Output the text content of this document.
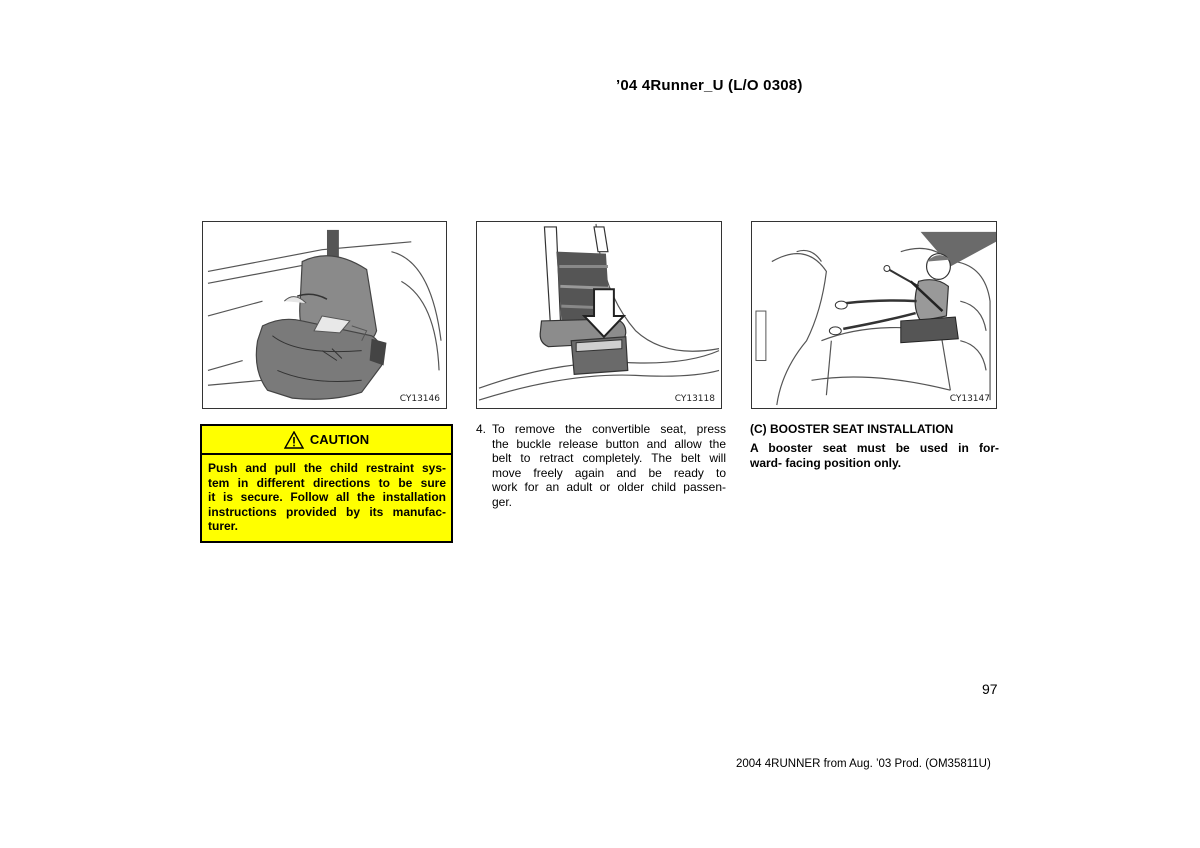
’04 4Runner_U (L/O 0308)
CY13146	CY13118	CY13147
CAUTION
Push and pull the child restraint sys-
tem in different directions to be sure
it is secure. Follow all the installation
instructions provided by its manufac-
turer.
4. To remove the convertible seat, press
the buckle release button and allow the
belt to retract completely. The belt will
move freely again and be ready to
work for an adult or older child passen-
ger.
(C) BOOSTER SEAT INSTALLATION
A booster seat must be used in for-
ward- facing position only.
97
2004 4RUNNER from Aug. ’03 Prod. (OM35811U)
